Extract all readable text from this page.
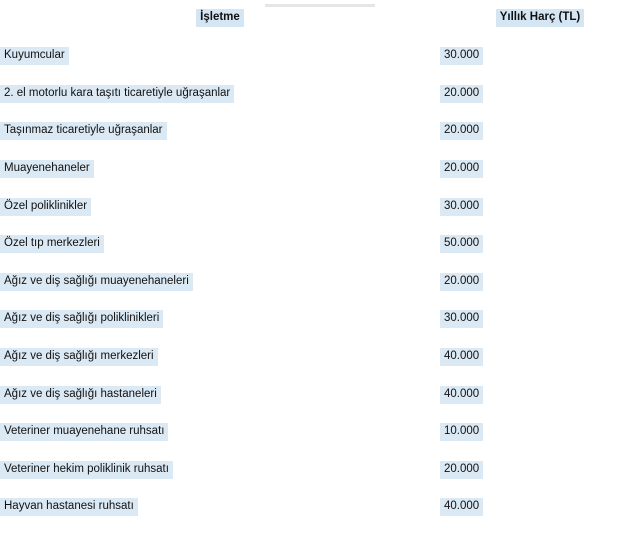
İşletme	Yıllık Harç (TL)
Kuyumcular	30.000
2. el motorlu kara taşıtı ticaretiyle uğraşanlar	20.000
Taşınmaz ticaretiyle uğraşanlar	20.000
Muayenehaneler	20.000
Özel poliklinikler	30.000
Özel tıp merkezleri	50.000
Ağız ve diş sağlığı muayenehaneleri	20.000
Ağız ve diş sağlığı poliklinikleri	30.000
Ağız ve diş sağlığı merkezleri	40.000
Ağız ve diş sağlığı hastaneleri	40.000
Veteriner muayenehane ruhsatı	10.000
Veteriner hekim poliklinik ruhsatı	20.000
Hayvan hastanesi ruhsatı	40.000
